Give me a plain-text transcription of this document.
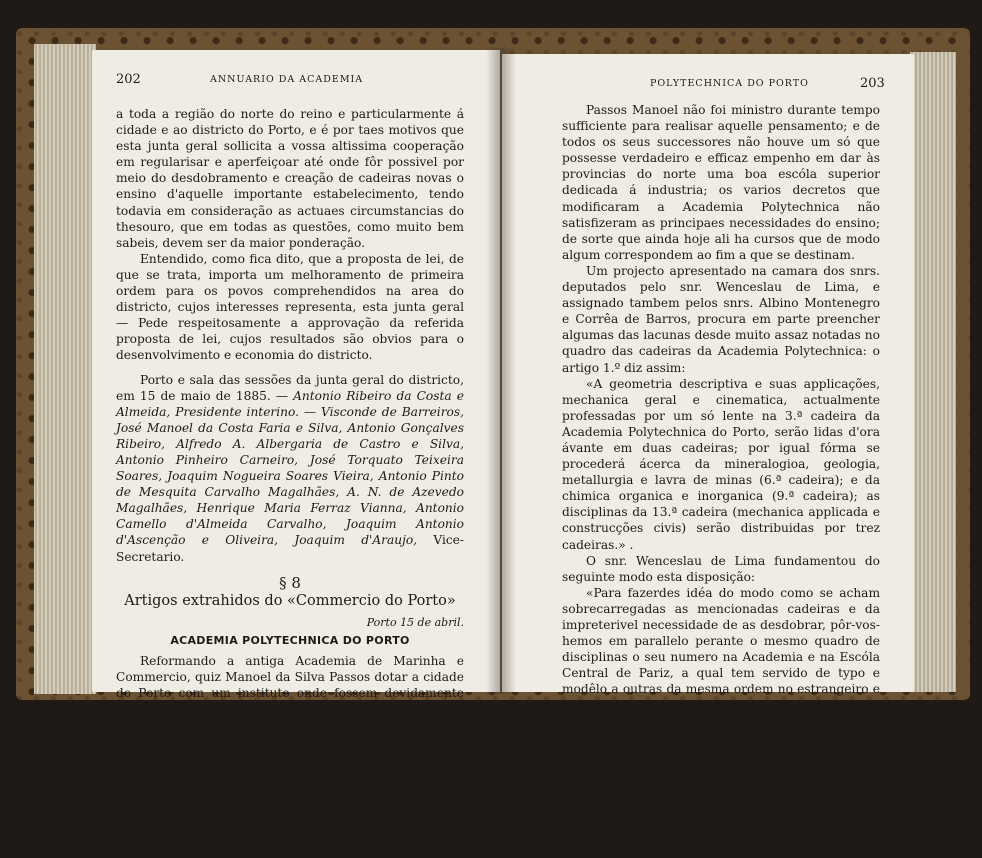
202	ANNUARIO DA ACADEMIA

a toda a região do norte do reino e particularmente á cidade e ao districto do Porto, e é por taes motivos que esta junta geral sollicita a vossa altissima cooperação em regularisar e aperfeiçoar até onde fôr possivel por meio do desdobramento e creação de cadeiras novas o ensino d'aquelle importante estabelecimento, tendo todavia em consideração as actuaes circumstancias do thesouro, que em todas as questões, como muito bem sabeis, devem ser da maior ponderação.

Entendido, como fica dito, que a proposta de lei, de que se trata, importa um melhoramento de primeira ordem para os povos comprehendidos na area do districto, cujos interesses representa, esta junta geral — Pede respeitosamente a approvação da referida proposta de lei, cujos resultados são obvios para o desenvolvimento e economia do districto.

Porto e sala das sessões da junta geral do districto, em 15 de maio de 1885. — Antonio Ribeiro da Costa e Almeida, Presidente interino. — Visconde de Barreiros, José Manoel da Costa Faria e Silva, Antonio Gonçalves Ribeiro, Alfredo A. Albergaria de Castro e Silva, Antonio Pinheiro Carneiro, José Torquato Teixeira Soares, Joaquim Nogueira Soares Vieira, Antonio Pinto de Mesquita Carvalho Magalhães, A. N. de Azevedo Magalhães, Henrique Maria Ferraz Vianna, Antonio Camello d'Almeida Carvalho, Joaquim Antonio d'Ascenção e Oliveira, Joaquim d'Araujo, Vice-Secretario.

§ 8

Artigos extrahidos do «Commercio do Porto»

Porto 15 de abril.

ACADEMIA POLYTECHNICA DO PORTO

Reformando a antiga Academia de Marinha e Commercio, quiz Manoel da Silva Passos dotar a cidade do Porto com um instituto onde fossem devidamente ensinadas as sciencias industriaes; assim o diz com toda a clareza no preambulo do decreto de 13 de janeiro de 1837.

POLYTECHNICA DO PORTO	203

Passos Manoel não foi ministro durante tempo sufficiente para realisar aquelle pensamento; e de todos os seus successores não houve um só que possesse verdadeiro e efficaz empenho em dar às provincias do norte uma boa escóla superior dedicada á industria; os varios decretos que modificaram a Academia Polytechnica não satisfizeram as principaes necessidades do ensino; de sorte que ainda hoje ali ha cursos que de modo algum correspondem ao fim a que se destinam.

Um projecto apresentado na camara dos snrs. deputados pelo snr. Wenceslau de Lima, e assignado tambem pelos snrs. Albino Montenegro e Corrêa de Barros, procura em parte preencher algumas das lacunas desde muito assaz notadas no quadro das cadeiras da Academia Polytechnica: o artigo 1.º diz assim:

«A geometria descriptiva e suas applicações, mechanica geral e cinematica, actualmente professadas por um só lente na 3.ª cadeira da Academia Polytechnica do Porto, serão lidas d'ora ávante em duas cadeiras; por igual fórma se procederá ácerca da mineralogioa, geologia, metallurgia e lavra de minas (6.ª cadeira); e da chimica organica e inorganica (9.ª cadeira); as disciplinas da 13.ª cadeira (mechanica applicada e construcções civis) serão distribuidas por trez cadeiras.» .

O snr. Wenceslau de Lima fundamentou do seguinte modo esta disposição:

«Para fazerdes idéa do modo como se acham sobrecarregadas as mencionadas cadeiras e da impreterivel necessidade de as desdobrar, pôr-vos-hemos em parallelo perante o mesmo quadro de disciplinas o seu numero na Academia e na Escóla Central de Pariz, a qual tem servido de typo e modêlo a outras da mesma ordem no estrangeiro e a cujo grupo pedagogico a nossa polytechnica pertence.

«O ensino de geometria descriptiva e suas applicações, da mechanica em geral e da cinematica, materias todas professadas na 3.ª cadeira da Academia Polytechnica, está confiado na Escóla Central aos cuidados de 2 professores, 2 repetidores e 1 chefe de trabalhos.

«As disciplinas, que actualmente abrange a 6.ª cadeira,
